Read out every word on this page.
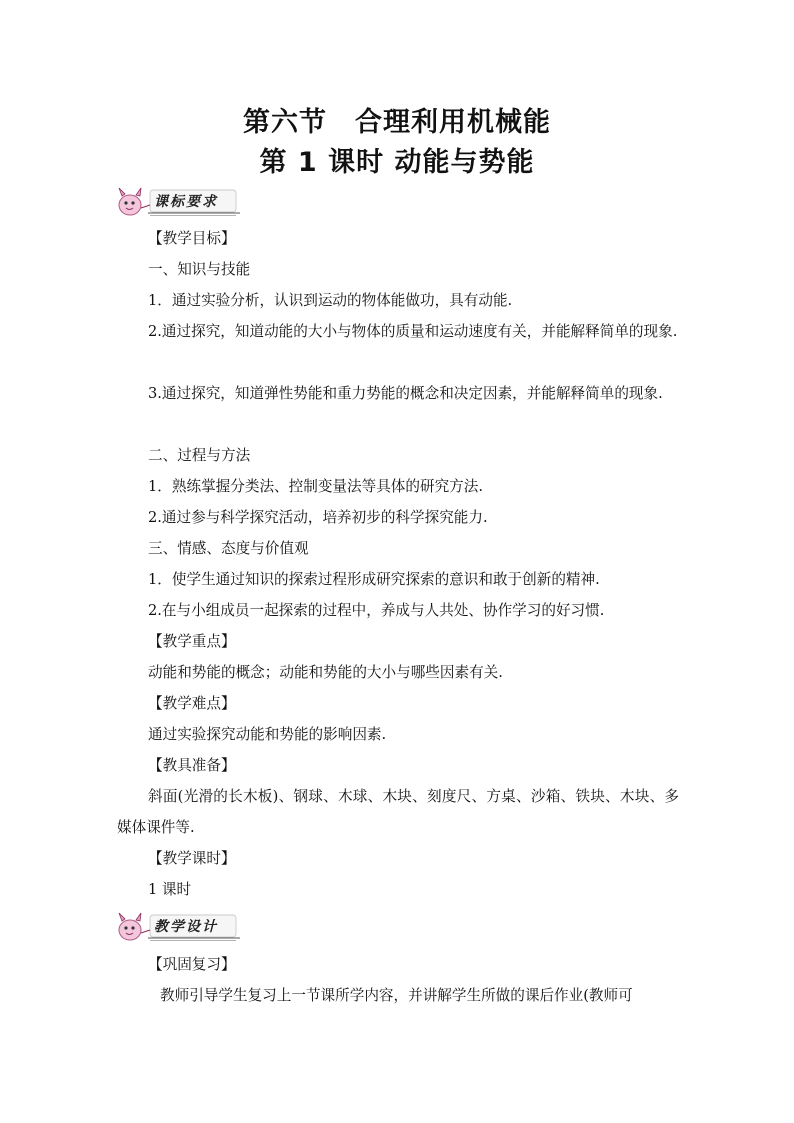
第六节　合理利用机械能
第 1 课时 动能与势能
课标要求
【教学目标】
一、知识与技能
1．通过实验分析，认识到运动的物体能做功，具有动能.
2.通过探究，知道动能的大小与物体的质量和运动速度有关，并能解释简单的现象.
3.通过探究，知道弹性势能和重力势能的概念和决定因素，并能解释简单的现象.
二、过程与方法
1．熟练掌握分类法、控制变量法等具体的研究方法.
2.通过参与科学探究活动，培养初步的科学探究能力.
三、情感、态度与价值观
1．使学生通过知识的探索过程形成研究探索的意识和敢于创新的精神.
2.在与小组成员一起探索的过程中，养成与人共处、协作学习的好习惯.
【教学重点】
动能和势能的概念；动能和势能的大小与哪些因素有关.
【教学难点】
通过实验探究动能和势能的影响因素.
【教具准备】
斜面(光滑的长木板)、钢球、木球、木块、刻度尺、方桌、沙箱、铁块、木块、多媒体课件等.
【教学课时】
1 课时
教学设计
【巩固复习】
教师引导学生复习上一节课所学内容，并讲解学生所做的课后作业(教师可
